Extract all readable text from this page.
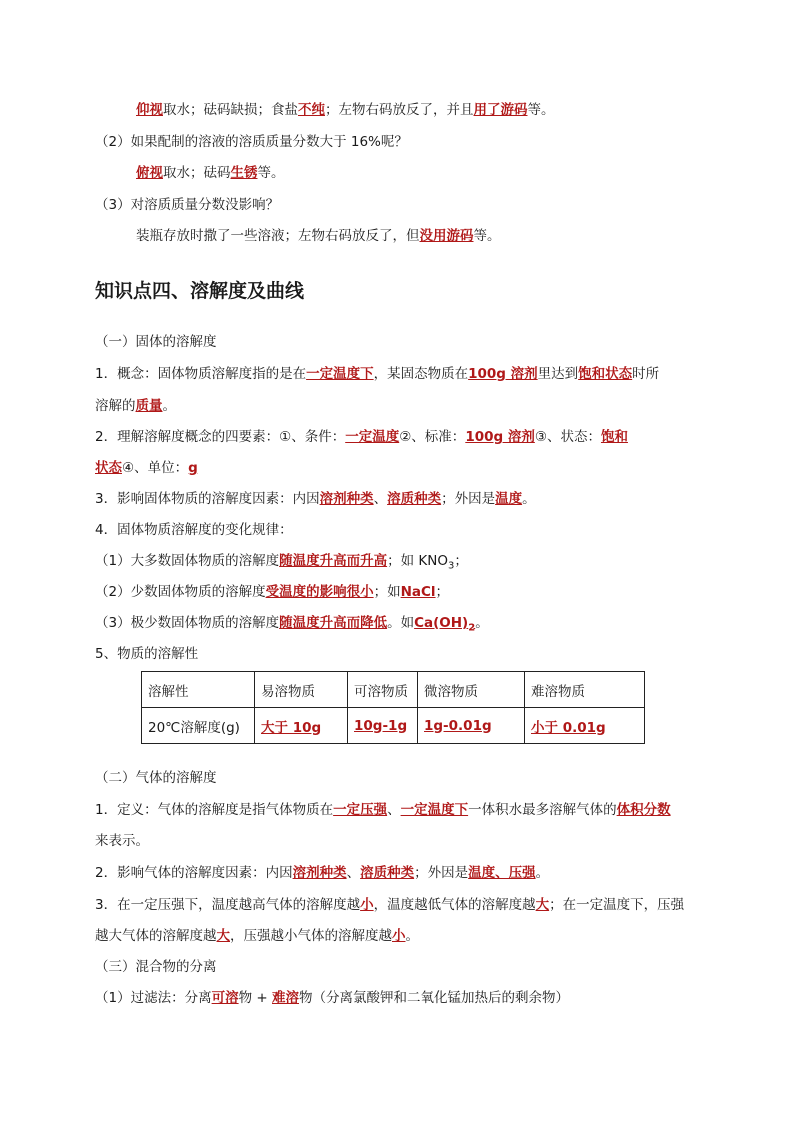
仰视取水；砝码缺损；食盐不纯；左物右码放反了，并且用了游码等。
（2）如果配制的溶液的溶质质量分数大于 16%呢？
俯视取水；砝码生锈等。
（3）对溶质质量分数没影响？
装瓶存放时撒了一些溶液；左物右码放反了，但没用游码等。
知识点四、溶解度及曲线
（一）固体的溶解度
1．概念：固体物质溶解度指的是在一定温度下，某固态物质在100g 溶剂里达到饱和状态时所
溶解的质量。
2．理解溶解度概念的四要素：①、条件：一定温度②、标准：100g 溶剂③、状态：饱和
状态④、单位：g
3．影响固体物质的溶解度因素：内因溶剂种类、溶质种类；外因是温度。
4．固体物质溶解度的变化规律：
（1）大多数固体物质的溶解度随温度升高而升高；如 $KNO_3$；
（2）少数固体物质的溶解度受温度的影响很小；如NaCl；
（3）极少数固体物质的溶解度随温度升高而降低。如$Ca(OH)_2$。
5、物质的溶解性
溶解性	易溶物质	可溶物质	微溶物质	难溶物质
20℃溶解度(g)	大于 10g	10g-1g	1g-0.01g	小于 0.01g
（二）气体的溶解度
1．定义：气体的溶解度是指气体物质在一定压强、一定温度下一体积水最多溶解气体的体积分数
来表示。
2．影响气体的溶解度因素：内因溶剂种类、溶质种类；外因是温度、压强。
3．在一定压强下，温度越高气体的溶解度越小，温度越低气体的溶解度越大；在一定温度下，压强
越大气体的溶解度越大，压强越小气体的溶解度越小。
（三）混合物的分离
（1）过滤法：分离可溶物 + 难溶物（分离氯酸钾和二氧化锰加热后的剩余物）
